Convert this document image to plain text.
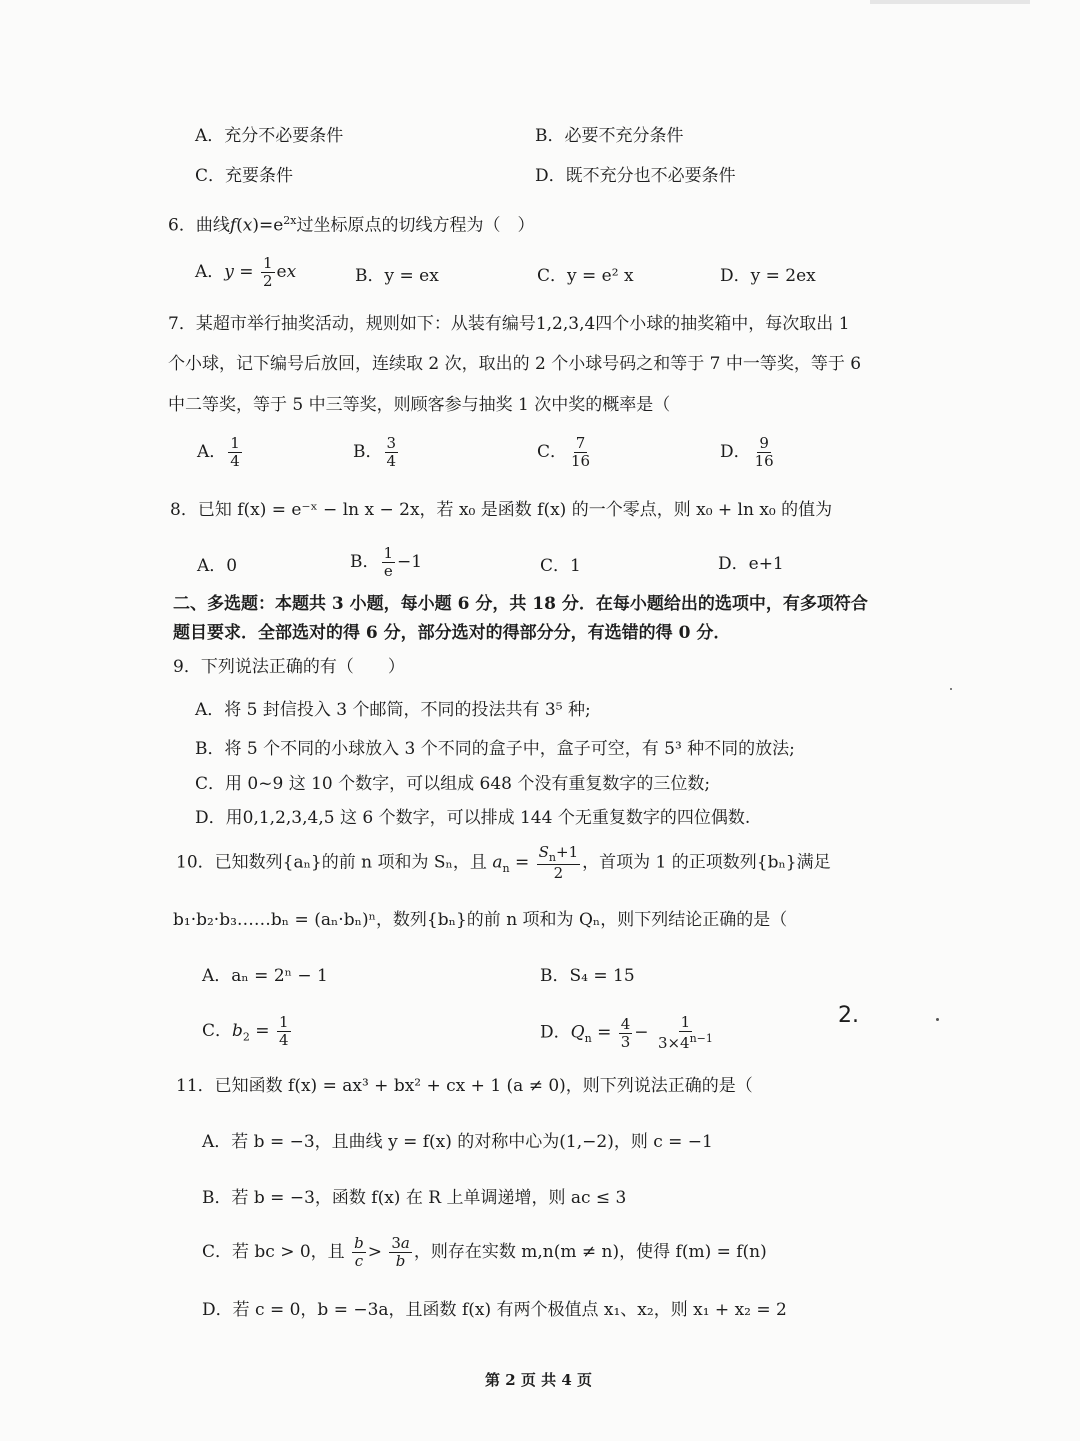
A．充分不必要条件	B．必要不充分条件
C．充要条件	D．既不充分也不必要条件
6．曲线$f(x)=e^{2x}$过坐标原点的切线方程为（　）
A．$y = \frac{1}{2}$ ex	B．y = ex	C．y = e² x	D．y = 2ex
7．某超市举行抽奖活动，规则如下：从装有编号1,2,3,4四个小球的抽奖箱中，每次取出 1
个小球，记下编号后放回，连续取 2 次，取出的 2 个小球号码之和等于 7 中一等奖，等于 6
中二等奖，等于 5 中三等奖，则顾客参与抽奖 1 次中奖的概率是（
A． $\frac{1}{4}$	B． $\frac{3}{4}$	C． $\frac{7}{16}$	D． $\frac{9}{16}$
8．已知 f(x) = e⁻ˣ − ln x − 2x，若 x₀ 是函数 f(x) 的一个零点，则 x₀ + ln x₀ 的值为
A．0	B． $\frac{1}{e} -1$	C．1	D．e+1
二、多选题：本题共 3 小题，每小题 6 分，共 18 分．在每小题给出的选项中，有多项符合
题目要求．全部选对的得 6 分，部分选对的得部分分，有选错的得 0 分．
9．下列说法正确的有（　　）
A．将 5 封信投入 3 个邮筒，不同的投法共有 3⁵ 种;
B．将 5 个不同的小球放入 3 个不同的盒子中，盒子可空，有 5³ 种不同的放法;
C．用 0~9 这 10 个数字，可以组成 648 个没有重复数字的三位数;
D．用0,1,2,3,4,5 这 6 个数字，可以排成 144 个无重复数字的四位偶数.
10．已知数列{aₙ}的前 n 项和为 Sₙ，且 $a_n = \frac{S_n+1}{2}$ ，首项为 1 的正项数列{bₙ}满足
b₁·b₂·b₃……bₙ = (aₙ·bₙ)ⁿ，数列{bₙ}的前 n 项和为 Qₙ，则下列结论正确的是（
A．aₙ = 2ⁿ − 1	B．S₄ = 15
C．$b_2 = \frac{1}{4}$	D．$Q_n = \frac{4}{3} - \frac{1}{3\times 4^{n-1}}$	2.
11．已知函数 f(x) = ax³ + bx² + cx + 1 (a ≠ 0)，则下列说法正确的是（
A．若 b = −3，且曲线 y = f(x) 的对称中心为(1,−2)，则 c = −1
B．若 b = −3，函数 f(x) 在 R 上单调递增，则 ac ≤ 3
C．若 bc > 0，且 $\frac{b}{c} > \frac{3a}{b}$ ，则存在实数 m,n(m ≠ n)，使得 f(m) = f(n)
D．若 c = 0，b = −3a，且函数 f(x) 有两个极值点 x₁、x₂，则 x₁ + x₂ = 2
第 2 页 共 4 页
